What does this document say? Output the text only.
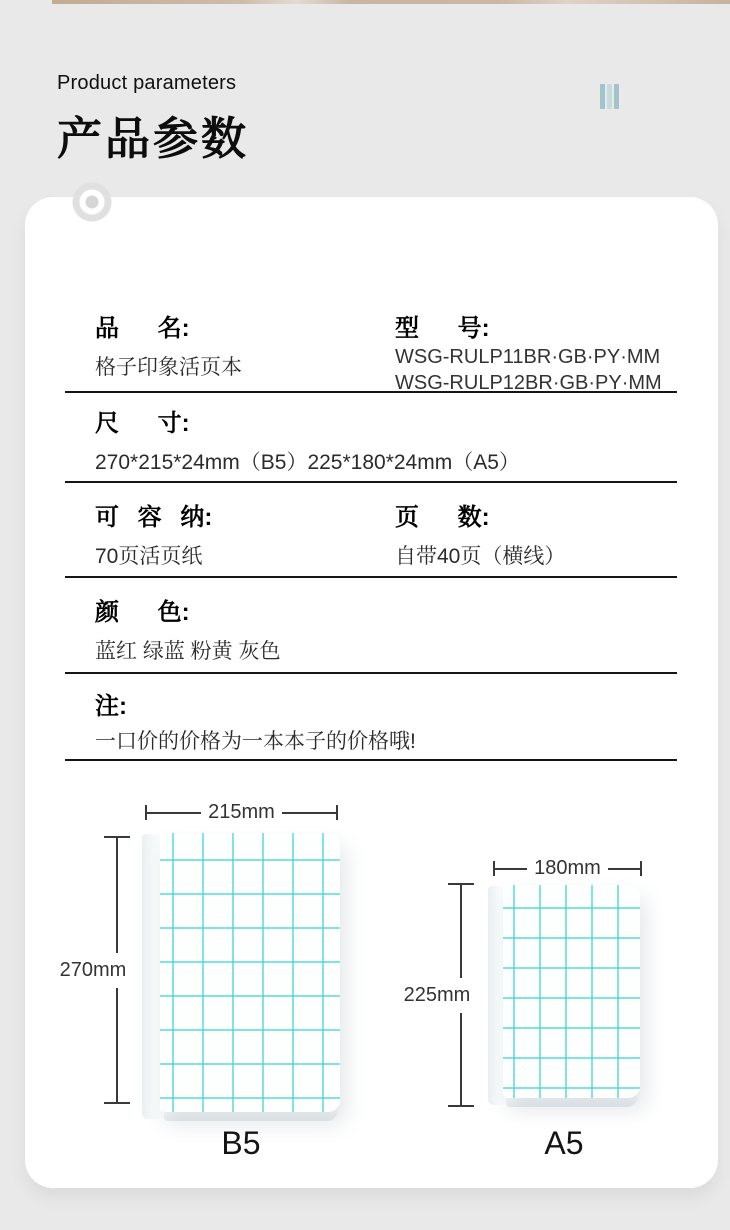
Product parameters
产品参数
品 名:
格子印象活页本
型 号:
WSG-RULP11BR·GB·PY·MM
WSG-RULP12BR·GB·PY·MM
尺 寸:
270*215*24mm（B5）225*180*24mm（A5）
可 容 纳:
70页活页纸
页 数:
自带40页（横线）
颜 色:
蓝红 绿蓝 粉黄 灰色
注:
一口价的价格为一本本子的价格哦!
215mm
270mm
B5
180mm
225mm
A5
